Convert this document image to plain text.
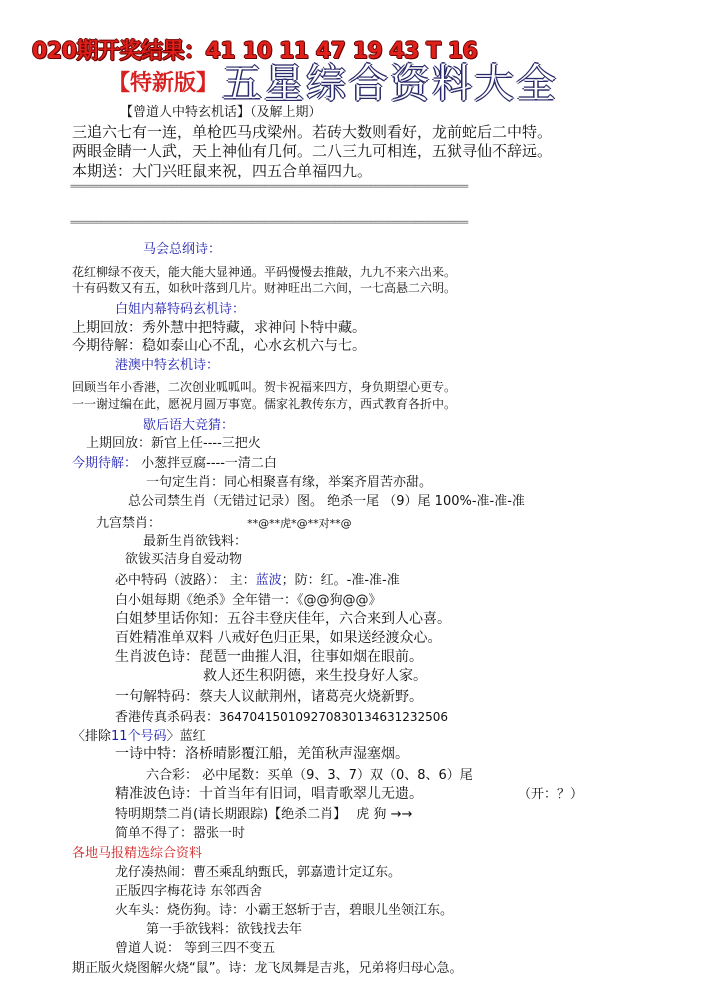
020期开奖结果：41 10 11 47 19 43 T 16
【特新版】 五星综合资料大全
【曾道人中特玄机话】（及解上期）
三追六七有一连，单枪匹马戌梁州。若砖大数则看好，龙前蛇后二中特。
两眼金睛一人武，天上神仙有几何。二八三九可相连，五狱寻仙不辞远。
本期送：大门兴旺鼠来祝，四五合单福四九。
==========================================================================================
==========================================================================================
马会总纲诗：
花红柳绿不夜天，能大能大显神通。平码慢慢去推敲，九九不来六出来。
十有码数又有五，如秋叶落到几片。财神旺出二六间，一七高悬二六明。
白姐内幕特码玄机诗：
上期回放：秀外慧中把特藏，求神问卜特中藏。
今期待解：稳如泰山心不乱，心水玄机六与七。
港澳中特玄机诗：
回顾当年小香港，二次创业呱呱叫。贺卡祝福来四方，身负期望心更专。
一一谢过编在此，愿祝月圆万事宽。儒家礼教传东方，西式教育各折中。
歇后语大竞猜：
上期回放：新官上任----三把火
今期待解： 小葱拌豆腐----一清二白
一句定生肖：同心相聚喜有缘，举案齐眉苦亦甜。
总公司禁生肖（无错过记录）图。 绝杀一尾 （9）尾 100%-准-准-准
九宫禁肖：	**@**虎*@**对**@
最新生肖欲钱料：
欲钹买洁身自爱动物
必中特码（波路）： 主：蓝波；防：红。-准-准-准
白小姐每期《绝杀》全年错一：《@@狗@@》
白姐梦里话你知：五谷丰登庆佳年，六合来到人心喜。
百姓精准单双料 八戒好色归正果，如果送经渡众心。
生肖波色诗：琵琶一曲摧人泪，往事如烟在眼前。
救人还生积阴德，来生投身好人家。
一句解特码：蔡夫人议献荆州，诸葛亮火烧新野。
香港传真杀码表：3647041501092708301346312325​06
〈排除11个号码〉蓝红
一诗中特：洛桥晴影覆江船，羌笛秋声湿塞烟。
六合彩： 必中尾数：买单（9、3、7）双（0、8、6）尾
精准波色诗：十首当年有旧词，唱青歌翠儿无遗。	（开：？）
特明期禁二肖(请长期跟踪)【绝杀二肖】 虎 狗 →→
简单不得了：嚣张一时
各地马报精选综合资料
龙仔凑热闹：曹丕乘乱纳甄氏，郭嘉遗计定辽东。
正版四字梅花诗 东邻西舍
火车头：烧伤狗。诗：小霸王怒斩于吉，碧眼儿坐领江东。
第一手欲钱料：欲钱找去年
曾道人说： 等到三四不变五
期正版火烧图解火烧“鼠”。诗：龙飞凤舞是吉兆，兄弟将归母心急。
